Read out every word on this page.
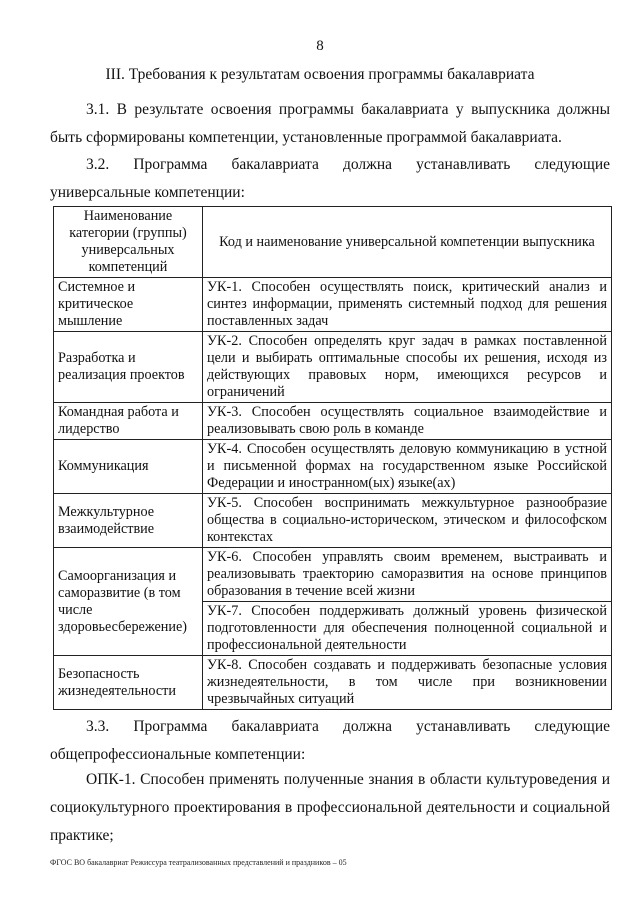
8
III. Требования к результатам освоения программы бакалавриата
3.1. В результате освоения программы бакалавриата у выпускника должны быть сформированы компетенции, установленные программой бакалавриата.
3.2. Программа бакалавриата должна устанавливать следующие универсальные компетенции:
Наименование категории (группы) универсальных компетенций	Код и наименование универсальной компетенции выпускника
Системное и критическое мышление	УК-1. Способен осуществлять поиск, критический анализ и синтез информации, применять системный подход для решения поставленных задач
Разработка и реализация проектов	УК-2. Способен определять круг задач в рамках поставленной цели и выбирать оптимальные способы их решения, исходя из действующих правовых норм, имеющихся ресурсов и ограничений
Командная работа и лидерство	УК-3. Способен осуществлять социальное взаимодействие и реализовывать свою роль в команде
Коммуникация	УК-4. Способен осуществлять деловую коммуникацию в устной и письменной формах на государственном языке Российской Федерации и иностранном(ых) языке(ах)
Межкультурное взаимодействие	УК-5. Способен воспринимать межкультурное разнообразие общества в социально-историческом, этическом и философском контекстах
Самоорганизация и саморазвитие (в том числе здоровьесбережение)	УК-6. Способен управлять своим временем, выстраивать и реализовывать траекторию саморазвития на основе принципов образования в течение всей жизни
	УК-7. Способен поддерживать должный уровень физической подготовленности для обеспечения полноценной социальной и профессиональной деятельности
Безопасность жизнедеятельности	УК-8. Способен создавать и поддерживать безопасные условия жизнедеятельности, в том числе при возникновении чрезвычайных ситуаций
3.3. Программа бакалавриата должна устанавливать следующие общепрофессиональные компетенции:
ОПК-1. Способен применять полученные знания в области культуроведения и социокультурного проектирования в профессиональной деятельности и социальной практике;
ФГОС ВО бакалавриат Режиссура театрализованных представлений и праздников – 05
